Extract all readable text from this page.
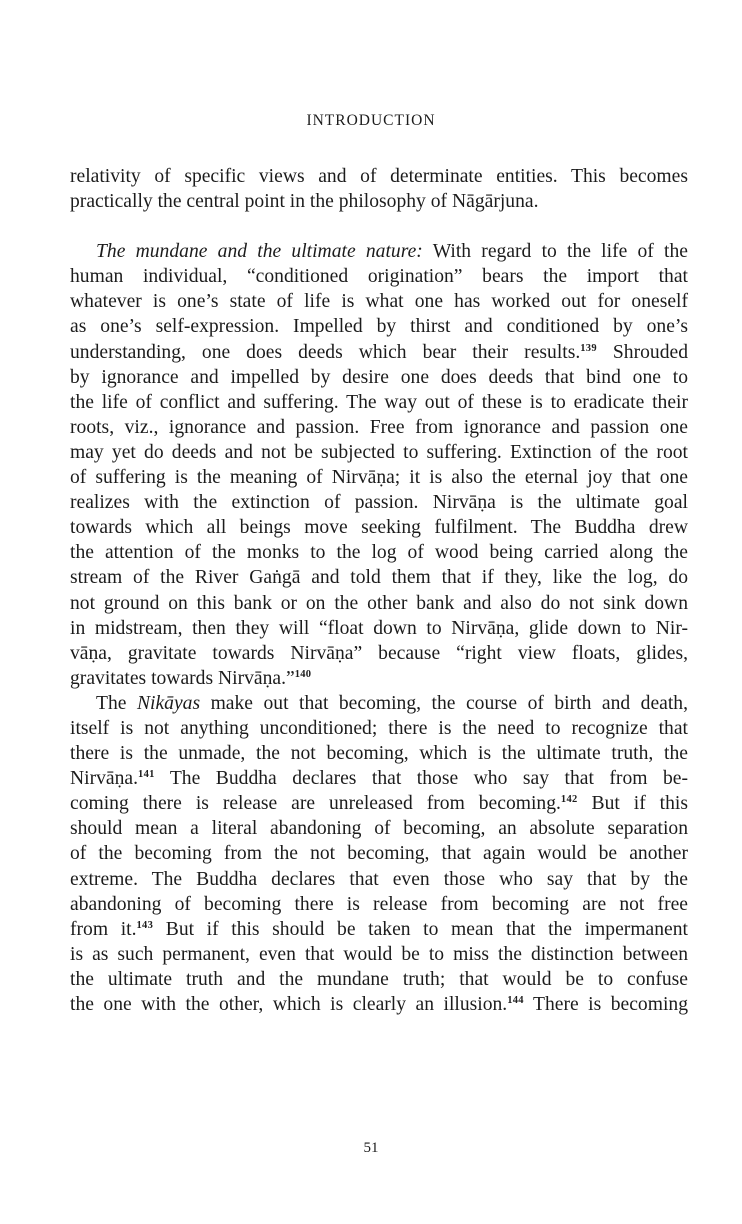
INTRODUCTION
relativity of specific views and of determinate entities. This becomes
practically the central point in the philosophy of Nāgārjuna.
The mundane and the ultimate nature: With regard to the life of the
human individual, “conditioned origination” bears the import that
whatever is one’s state of life is what one has worked out for oneself
as one’s self-expression. Impelled by thirst and conditioned by one’s
understanding, one does deeds which bear their results.$^{139}$ Shrouded
by ignorance and impelled by desire one does deeds that bind one to
the life of conflict and suffering. The way out of these is to eradicate their
roots, viz., ignorance and passion. Free from ignorance and passion one
may yet do deeds and not be subjected to suffering. Extinction of the root
of suffering is the meaning of Nirvāṇa; it is also the eternal joy that one
realizes with the extinction of passion. Nirvāṇa is the ultimate goal
towards which all beings move seeking fulfilment. The Buddha drew
the attention of the monks to the log of wood being carried along the
stream of the River Gaṅgā and told them that if they, like the log, do
not ground on this bank or on the other bank and also do not sink down
in midstream, then they will “float down to Nirvāṇa, glide down to Nir-
vāṇa, gravitate towards Nirvāṇa” because “right view floats, glides,
gravitates towards Nirvāṇa.”$^{140}$
The Nikāyas make out that becoming, the course of birth and death,
itself is not anything unconditioned; there is the need to recognize that
there is the unmade, the not becoming, which is the ultimate truth, the
Nirvāṇa.$^{141}$ The Buddha declares that those who say that from be-
coming there is release are unreleased from becoming.$^{142}$ But if this
should mean a literal abandoning of becoming, an absolute separation
of the becoming from the not becoming, that again would be another
extreme. The Buddha declares that even those who say that by the
abandoning of becoming there is release from becoming are not free
from it.$^{143}$ But if this should be taken to mean that the impermanent
is as such permanent, even that would be to miss the distinction between
the ultimate truth and the mundane truth; that would be to confuse
the one with the other, which is clearly an illusion.$^{144}$ There is becoming
51
